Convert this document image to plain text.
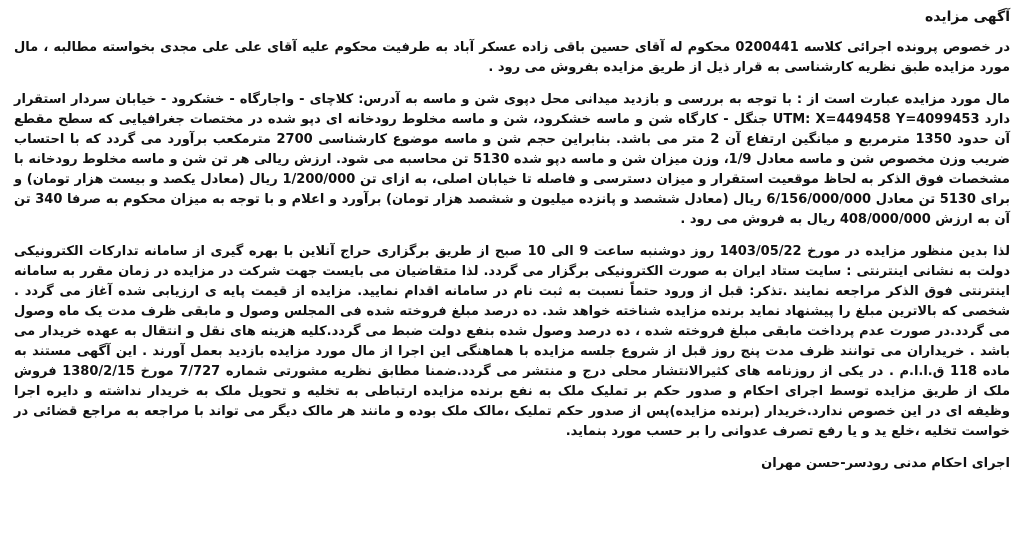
آگهی مزایده
در خصوص پرونده اجرائی کلاسه 0200441 محکوم له آقای حسین باقی زاده عسکر آباد به طرفیت محکوم علیه آقای علی علی مجدی بخواسته مطالبه ، مال مورد مزایده طبق نظریه کارشناسی به قرار ذیل از طریق مزایده بفروش می رود .
مال مورد مزایده عبارت است از : با توجه به بررسی و بازدید میدانی محل دپوی شن و ماسه به آدرس: کلاچای - واجارگاه - خشکرود - خیابان سردار استقرار دارد UTM: X=449458 Y=4099453 جنگل - کارگاه شن و ماسه خشکرود، شن و ماسه مخلوط رودخانه ای دپو شده در مختصات جغرافیایی که سطح مقطع آن حدود 1350 مترمربع و میانگین ارتفاع آن 2 متر می باشد. بنابراین حجم شن و ماسه موضوع کارشناسی 2700 مترمکعب برآورد می گردد که با احتساب ضریب وزن مخصوص شن و ماسه معادل 1/9، وزن میزان شن و ماسه دپو شده 5130 تن محاسبه می شود. ارزش ریالی هر تن شن و ماسه مخلوط رودخانه با مشخصات فوق الذکر به لحاظ موقعیت استقرار و میزان دسترسی و فاصله تا خیابان اصلی، به ازای تن 1/200/000 ریال (معادل یکصد و بیست هزار تومان) و برای 5130 تن معادل 6/156/000/000 ریال (معادل ششصد و پانزده میلیون و ششصد هزار تومان) برآورد و اعلام و با توجه به میزان محکوم به صرفا 340 تن آن به ارزش 408/000/000 ریال به فروش می رود .
لذا بدین منظور مزایده در مورخ 1403/05/22 روز دوشنبه ساعت 9 الی 10 صبح از طریق برگزاری حراج آنلاین با بهره گیری از سامانه تدارکات الکترونیکی دولت به نشانی اینترنتی : سایت ستاد ایران به صورت الکترونیکی برگزار می گردد. لذا متقاضیان می بایست جهت شرکت در مزایده در زمان مقرر به سامانه اینترنتی فوق الذکر مراجعه نمایند .تذکر: قبل از ورود حتماً نسبت به ثبت نام در سامانه اقدام نمایید. مزایده از قیمت پایه ی ارزیابی شده آغاز می گردد . شخصی که بالاترین مبلغ را پیشنهاد نماید برنده مزایده شناخته خواهد شد. ده درصد مبلغ فروخته شده فی المجلس وصول و مابقی ظرف مدت یک ماه وصول می گردد.در صورت عدم پرداخت مابقی مبلغ فروخته شده ، ده درصد وصول شده بنفع دولت ضبط می گردد.کلیه هزینه های نقل و انتقال به عهده خریدار می باشد . خریداران می توانند ظرف مدت پنج روز قبل از شروع جلسه مزایده با هماهنگی این اجرا از مال مورد مزایده بازدید بعمل آورند . این آگهی مستند به ماده 118 ق.ا.ا.م . در یکی از روزنامه های کثیرالانتشار محلی درج و منتشر می گردد.ضمنا مطابق نظریه مشورتی شماره 7/727 مورخ 1380/2/15 فروش ملک از طریق مزایده توسط اجرای احکام و صدور حکم بر تملیک ملک به نفع برنده مزایده ارتباطی به تخلیه و تحویل ملک به خریدار نداشته و دایره اجرا وظیفه ای در این خصوص ندارد.خریدار (برنده مزایده)پس از صدور حکم تملیک ،مالک ملک بوده و مانند هر مالک دیگر می تواند با مراجعه به مراجع قضائی در خواست تخلیه ،خلع ید و یا رفع تصرف عدوانی را بر حسب مورد بنماید.
اجرای احکام مدنی رودسر-حسن مهران
